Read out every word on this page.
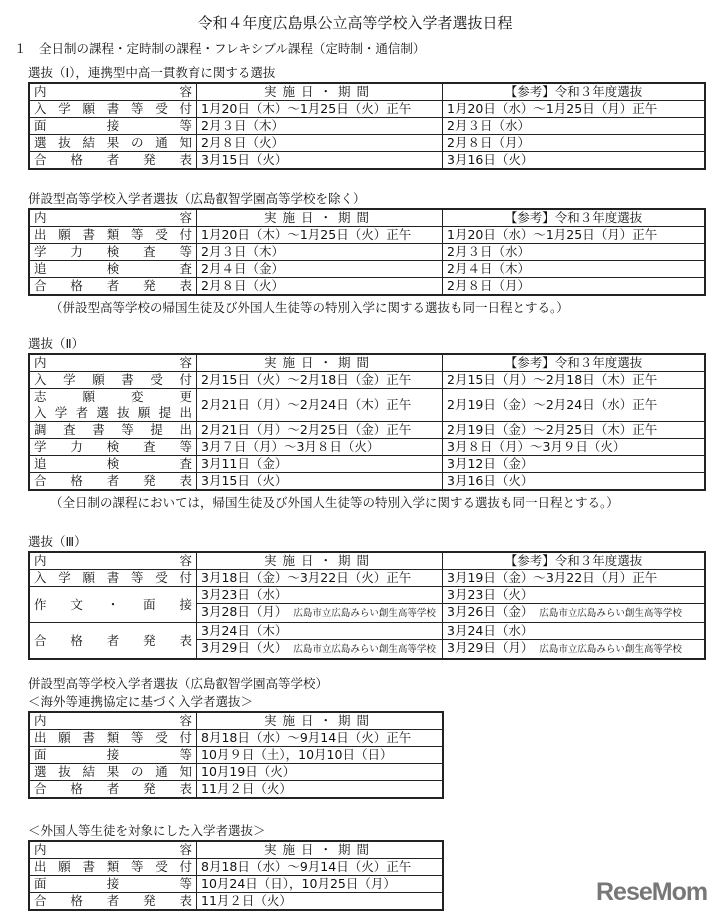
令和４年度広島県公立高等学校入学者選抜日程
１　全日制の課程・定時制の課程・フレキシブル課程（定時制・通信制）
選抜（Ⅰ），連携型中高一貫教育に関する選抜
内　　　　　容	実施日・期間	【参考】令和３年度選抜

入学願書等受付	1月20日（木）～1月25日（火）正午	1月20日（水）～1月25日（月）正午

面接等	2月３日（木）	2月３日（水）

選抜結果の通知	2月８日（火）	2月８日（月）

合格者発表	3月15日（火）	3月16日（火）
併設型高等学校入学者選抜（広島叡智学園高等学校を除く）
内　　　　　容	実施日・期間	【参考】令和３年度選抜

出願書類等受付	1月20日（木）～1月25日（火）正午	1月20日（水）～1月25日（月）正午

学力検査等	2月３日（木）	2月３日（水）

追検査	2月４日（金）	2月４日（木）

合格者発表	2月８日（火）	2月８日（月）
（併設型高等学校の帰国生徒及び外国人生徒等の特別入学に関する選抜も同一日程とする。）
選抜（Ⅱ）
内　　　　　容	実施日・期間	【参考】令和３年度選抜

入学願書受付	2月15日（火）～2月18日（金）正午	2月15日（月）～2月18日（木）正午

志願変更
入学者選抜願提出	2月21日（月）～2月24日（木）正午	2月19日（金）～2月24日（水）正午

調査書等提出	2月21日（月）～2月25日（金）正午	2月19日（金）～2月25日（木）正午

学力検査等	3月７日（月）～3月８日（火）	3月８日（月）～3月９日（火）

追検査	3月11日（金）	3月12日（金）

合格者発表	3月15日（火）	3月16日（火）
（全日制の課程においては，帰国生徒及び外国人生徒等の特別入学に関する選抜も同一日程とする。）
選抜（Ⅲ）
内　　　　　容	実施日・期間	【参考】令和３年度選抜

入学願書等受付	3月18日（金）～3月22日（火）正午	3月19日（金）～3月22日（月）正午

作文・面接	3月23日（水）	3月23日（火）
	3月28日（月） 広島市立広島みらい創生高等学校	3月26日（金） 広島市立広島みらい創生高等学校

合格者発表	3月24日（木）	3月24日（水）
	3月29日（火） 広島市立広島みらい創生高等学校	3月29日（月） 広島市立広島みらい創生高等学校
併設型高等学校入学者選抜（広島叡智学園高等学校）
＜海外等連携協定に基づく入学者選抜＞
内　　　　　容	実施日・期間

出願書類等受付	8月18日（水）～9月14日（火）正午

面接等	10月９日（土），10月10日（日）

選抜結果の通知	10月19日（火）

合格者発表	11月２日（火）
＜外国人等生徒を対象にした入学者選抜＞
内　　　　　容	実施日・期間

出願書類等受付	8月18日（水）～9月14日（火）正午

面接等	10月24日（日），10月25日（月）

合格者発表	11月２日（火）	ReseMom
